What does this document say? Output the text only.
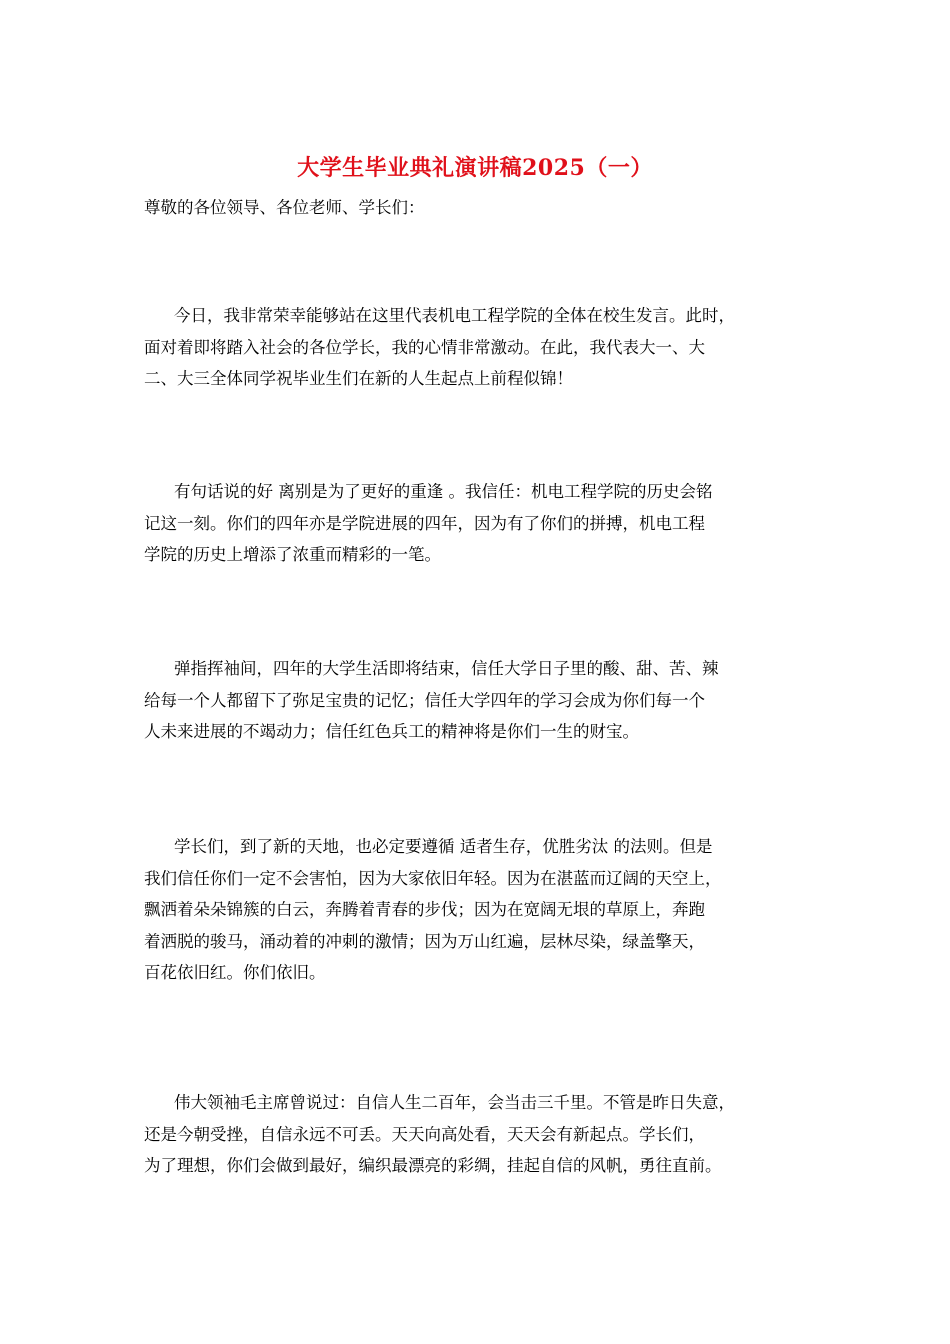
大学生毕业典礼演讲稿2025（一）
尊敬的各位领导、各位老师、学长们：
今日，我非常荣幸能够站在这里代表机电工程学院的全体在校生发言。此时，
面对着即将踏入社会的各位学长，我的心情非常激动。在此，我代表大一、大
二、大三全体同学祝毕业生们在新的人生起点上前程似锦！
有句话说的好 离别是为了更好的重逢 。我信任：机电工程学院的历史会铭
记这一刻。你们的四年亦是学院进展的四年，因为有了你们的拼搏，机电工程
学院的历史上增添了浓重而精彩的一笔。
弹指挥袖间，四年的大学生活即将结束，信任大学日子里的酸、甜、苦、辣
给每一个人都留下了弥足宝贵的记忆；信任大学四年的学习会成为你们每一个
人未来进展的不竭动力；信任红色兵工的精神将是你们一生的财宝。
学长们，到了新的天地，也必定要遵循 适者生存，优胜劣汰 的法则。但是
我们信任你们一定不会害怕，因为大家依旧年轻。因为在湛蓝而辽阔的天空上，
飘洒着朵朵锦簇的白云，奔腾着青春的步伐；因为在宽阔无垠的草原上，奔跑
着洒脱的骏马，涌动着的冲刺的激情；因为万山红遍，层林尽染，绿盖擎天，
百花依旧红。你们依旧。
伟大领袖毛主席曾说过：自信人生二百年，会当击三千里。不管是昨日失意，
还是今朝受挫，自信永远不可丢。天天向高处看，天天会有新起点。学长们，
为了理想，你们会做到最好，编织最漂亮的彩绸，挂起自信的风帆，勇往直前。
